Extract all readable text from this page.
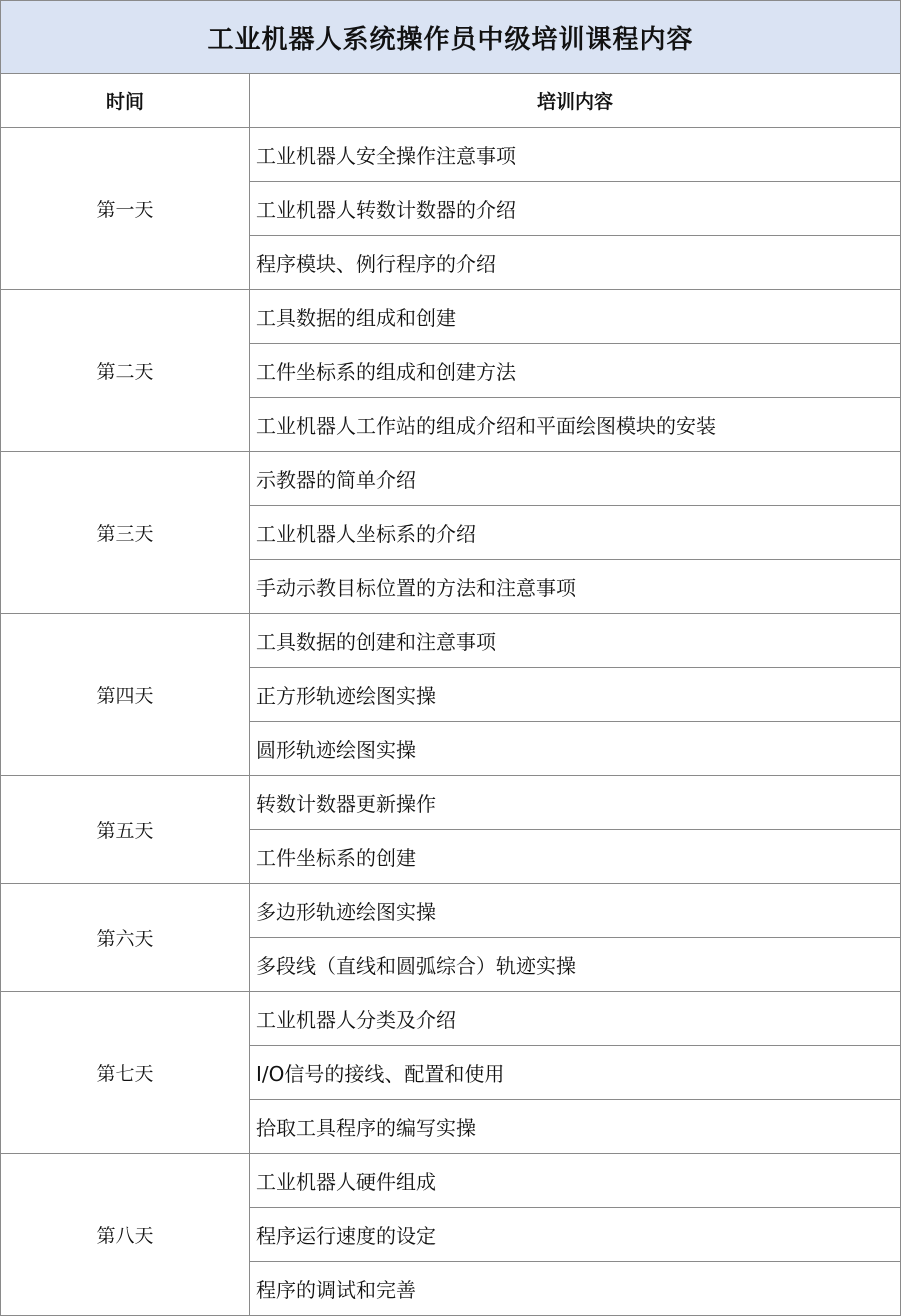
工业机器人系统操作员中级培训课程内容	
时间	培训内容
第一天	工业机器人安全操作注意事项
	工业机器人转数计数器的介绍
	程序模块、例行程序的介绍
第二天	工具数据的组成和创建
	工件坐标系的组成和创建方法
	工业机器人工作站的组成介绍和平面绘图模块的安装
第三天	示教器的简单介绍
	工业机器人坐标系的介绍
	手动示教目标位置的方法和注意事项
第四天	工具数据的创建和注意事项
	正方形轨迹绘图实操
	圆形轨迹绘图实操
第五天	转数计数器更新操作
	工件坐标系的创建
第六天	多边形轨迹绘图实操
	多段线（直线和圆弧综合）轨迹实操
第七天	工业机器人分类及介绍
	I/O信号的接线、配置和使用
	拾取工具程序的编写实操
第八天	工业机器人硬件组成
	程序运行速度的设定
	程序的调试和完善
